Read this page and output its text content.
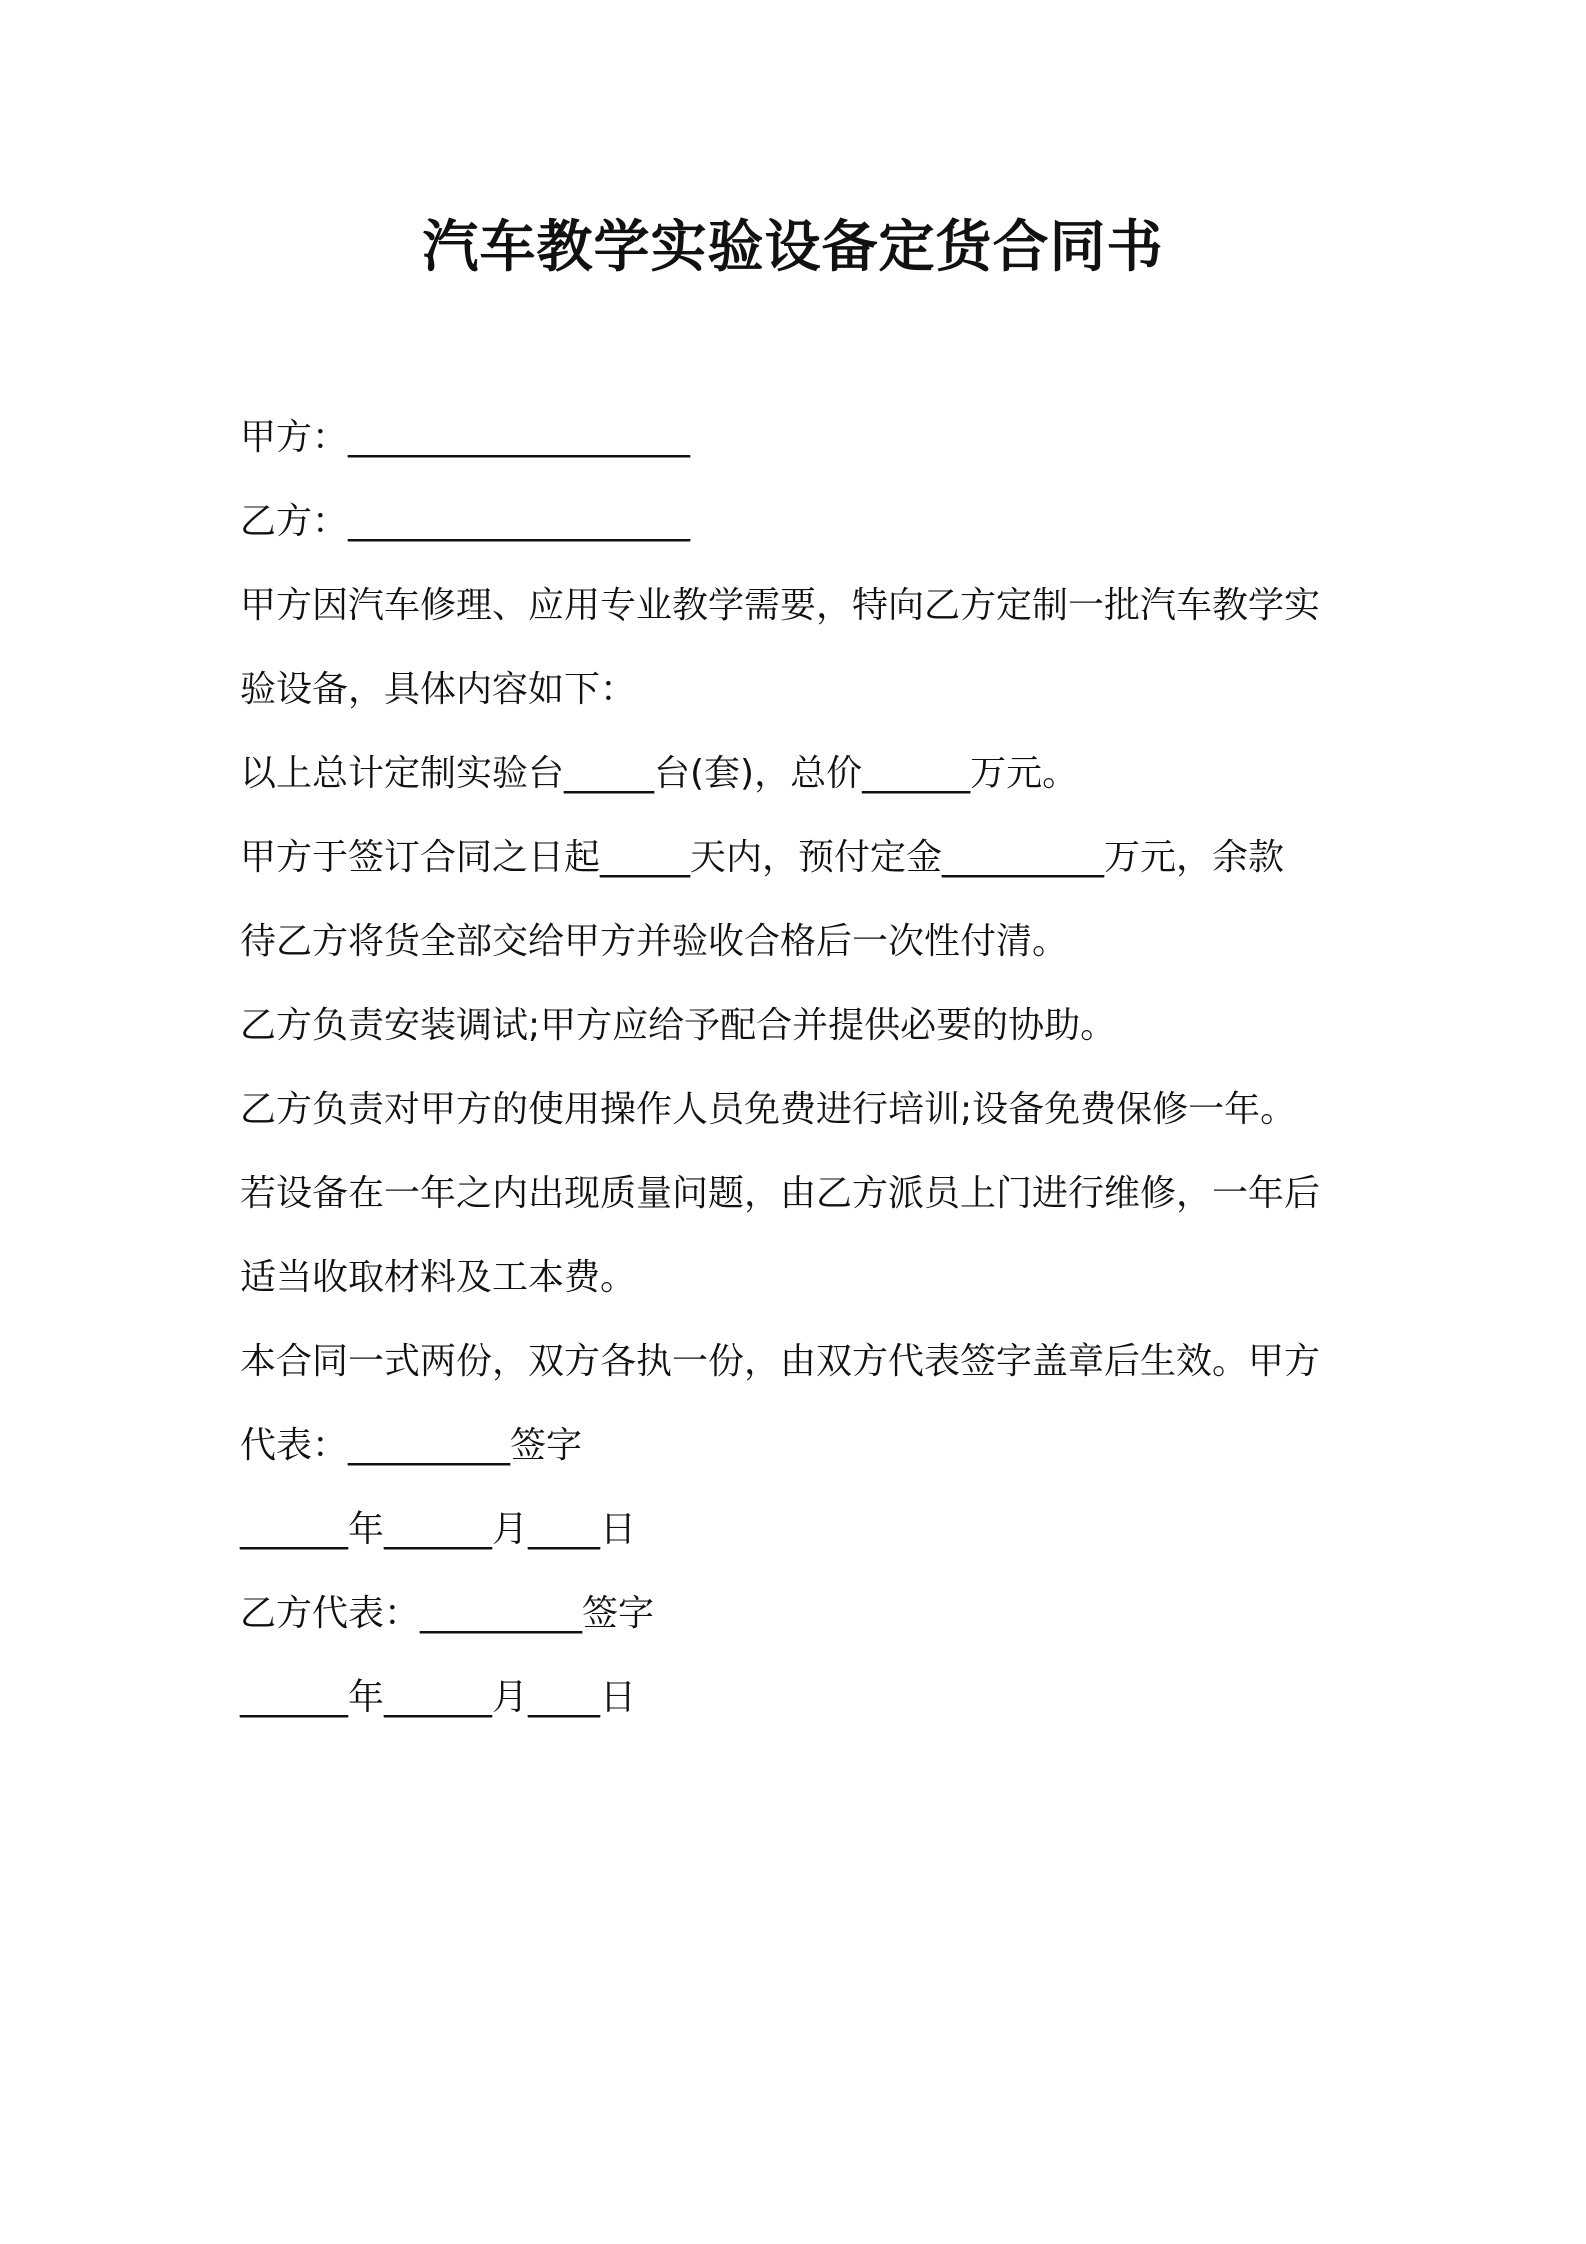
汽车教学实验设备定货合同书

甲方：___________________

乙方：___________________

甲方因汽车修理、应用专业教学需要，特向乙方定制一批汽车教学实

验设备，具体内容如下：

以上总计定制实验台_____台(套)，总价______万元。

甲方于签订合同之日起_____天内，预付定金_________万元，余款

待乙方将货全部交给甲方并验收合格后一次性付清。

乙方负责安装调试;甲方应给予配合并提供必要的协助。

乙方负责对甲方的使用操作人员免费进行培训;设备免费保修一年。

若设备在一年之内出现质量问题，由乙方派员上门进行维修，一年后

适当收取材料及工本费。

本合同一式两份，双方各执一份，由双方代表签字盖章后生效。甲方

代表：_________签字

______年______月____日

乙方代表：_________签字

______年______月____日
